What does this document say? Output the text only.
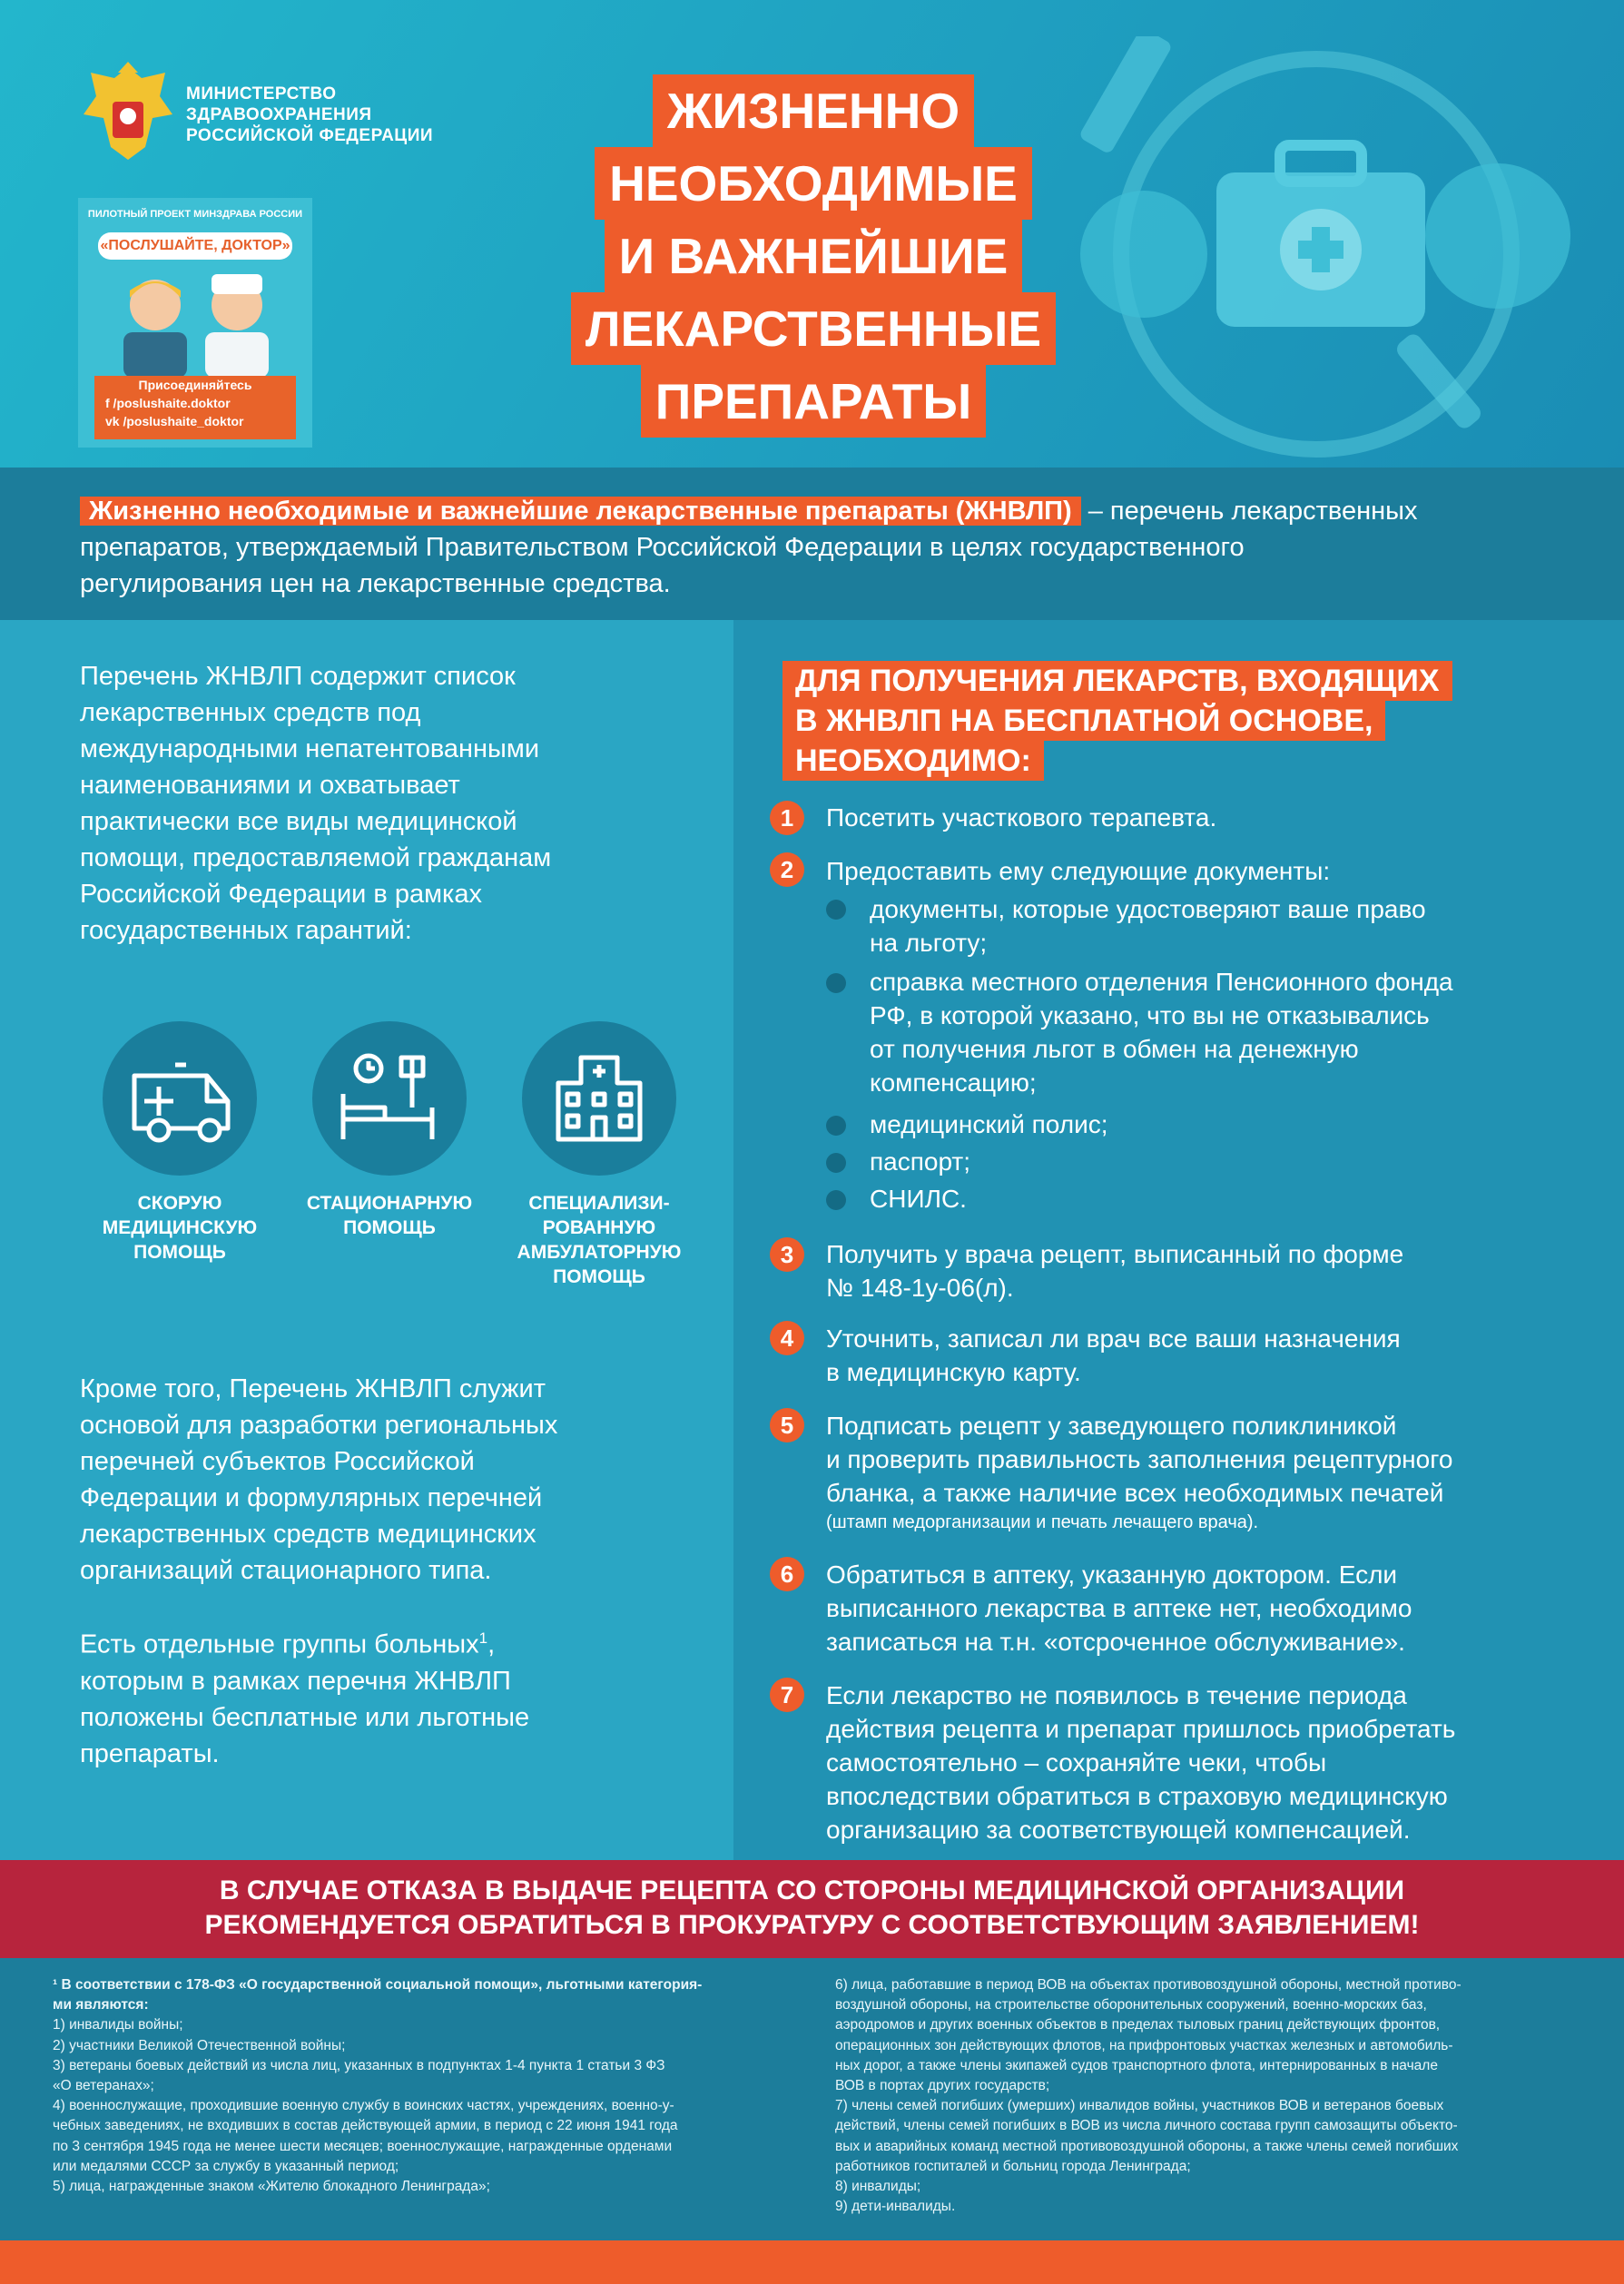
МИНИСТЕРСТВО
ЗДРАВООХРАНЕНИЯ
РОССИЙСКОЙ ФЕДЕРАЦИИ
ПИЛОТНЫЙ ПРОЕКТ МИНЗДРАВА РОССИИ
«ПОСЛУШАЙТЕ, ДОКТОР»
Присоединяйтесь
f /poslushaite.doktor
vk /poslushaite_doktor
ЖИЗНЕННО
НЕОБХОДИМЫЕ
И ВАЖНЕЙШИЕ
ЛЕКАРСТВЕННЫЕ
ПРЕПАРАТЫ
Жизненно необходимые и важнейшие лекарственные препараты (ЖНВЛП) – перечень лекарственных
препаратов, утверждаемый Правительством Российской Федерации в целях государственного
регулирования цен на лекарственные средства.
Перечень ЖНВЛП содержит список
лекарственных средств под
международными непатентованными
наименованиями и охватывает
практически все виды медицинской
помощи, предоставляемой гражданам
Российской Федерации в рамках
государственных гарантий:
СКОРУЮ
МЕДИЦИНСКУЮ
ПОМОЩЬ
СТАЦИОНАРНУЮ
ПОМОЩЬ
СПЕЦИАЛИЗИ-
РОВАННУЮ
АМБУЛАТОРНУЮ
ПОМОЩЬ
Кроме того, Перечень ЖНВЛП служит
основой для разработки региональных
перечней субъектов Российской
Федерации и формулярных перечней
лекарственных средств медицинских
организаций стационарного типа.
Есть отдельные группы больных$^1$,
которым в рамках перечня ЖНВЛП
положены бесплатные или льготные
препараты.
ДЛЯ ПОЛУЧЕНИЯ ЛЕКАРСТВ, ВХОДЯЩИХ
В ЖНВЛП НА БЕСПЛАТНОЙ ОСНОВЕ,
НЕОБХОДИМО:
1	Посетить участкового терапевта.
2	Предоставить ему следующие документы:
документы, которые удостоверяют ваше право
на льготу;
справка местного отделения Пенсионного фонда
РФ, в которой указано, что вы не отказывались
от получения льгот в обмен на денежную
компенсацию;
медицинский полис;
паспорт;
СНИЛС.
3	Получить у врача рецепт, выписанный по форме
№ 148-1у-06(л).
4	Уточнить, записал ли врач все ваши назначения
в медицинскую карту.
5	Подписать рецепт у заведующего поликлиникой
и проверить правильность заполнения рецептурного
бланка, а также наличие всех необходимых печатей
(штамп медорганизации и печать лечащего врача).
6	Обратиться в аптеку, указанную доктором. Если
выписанного лекарства в аптеке нет, необходимо
записаться на т.н. «отсроченное обслуживание».
7	Если лекарство не появилось в течение периода
действия рецепта и препарат пришлось приобретать
самостоятельно – сохраняйте чеки, чтобы
впоследствии обратиться в страховую медицинскую
организацию за соответствующей компенсацией.
В СЛУЧАЕ ОТКАЗА В ВЫДАЧЕ РЕЦЕПТА СО СТОРОНЫ МЕДИЦИНСКОЙ ОРГАНИЗАЦИИ
РЕКОМЕНДУЕТСЯ ОБРАТИТЬСЯ В ПРОКУРАТУРУ С СООТВЕТСТВУЮЩИМ ЗАЯВЛЕНИЕМ!
¹ В соответствии с 178-ФЗ «О государственной социальной помощи», льготными категория-
ми являются:
1) инвалиды войны;
2) участники Великой Отечественной войны;
3) ветераны боевых действий из числа лиц, указанных в подпунктах 1-4 пункта 1 статьи 3 ФЗ
«О ветеранах»;
4) военнослужащие, проходившие военную службу в воинских частях, учреждениях, военно-у-
чебных заведениях, не входивших в состав действующей армии, в период с 22 июня 1941 года
по 3 сентября 1945 года не менее шести месяцев; военнослужащие, награжденные орденами
или медалями СССР за службу в указанный период;
5) лица, награжденные знаком «Жителю блокадного Ленинграда»;
6) лица, работавшие в период ВОВ на объектах противовоздушной обороны, местной противо-
воздушной обороны, на строительстве оборонительных сооружений, военно-морских баз,
аэродромов и других военных объектов в пределах тыловых границ действующих фронтов,
операционных зон действующих флотов, на прифронтовых участках железных и автомобиль-
ных дорог, а также члены экипажей судов транспортного флота, интернированных в начале
ВОВ в портах других государств;
7) члены семей погибших (умерших) инвалидов войны, участников ВОВ и ветеранов боевых
действий, члены семей погибших в ВОВ из числа личного состава групп самозащиты объекто-
вых и аварийных команд местной противовоздушной обороны, а также члены семей погибших
работников госпиталей и больниц города Ленинграда;
8) инвалиды;
9) дети-инвалиды.
